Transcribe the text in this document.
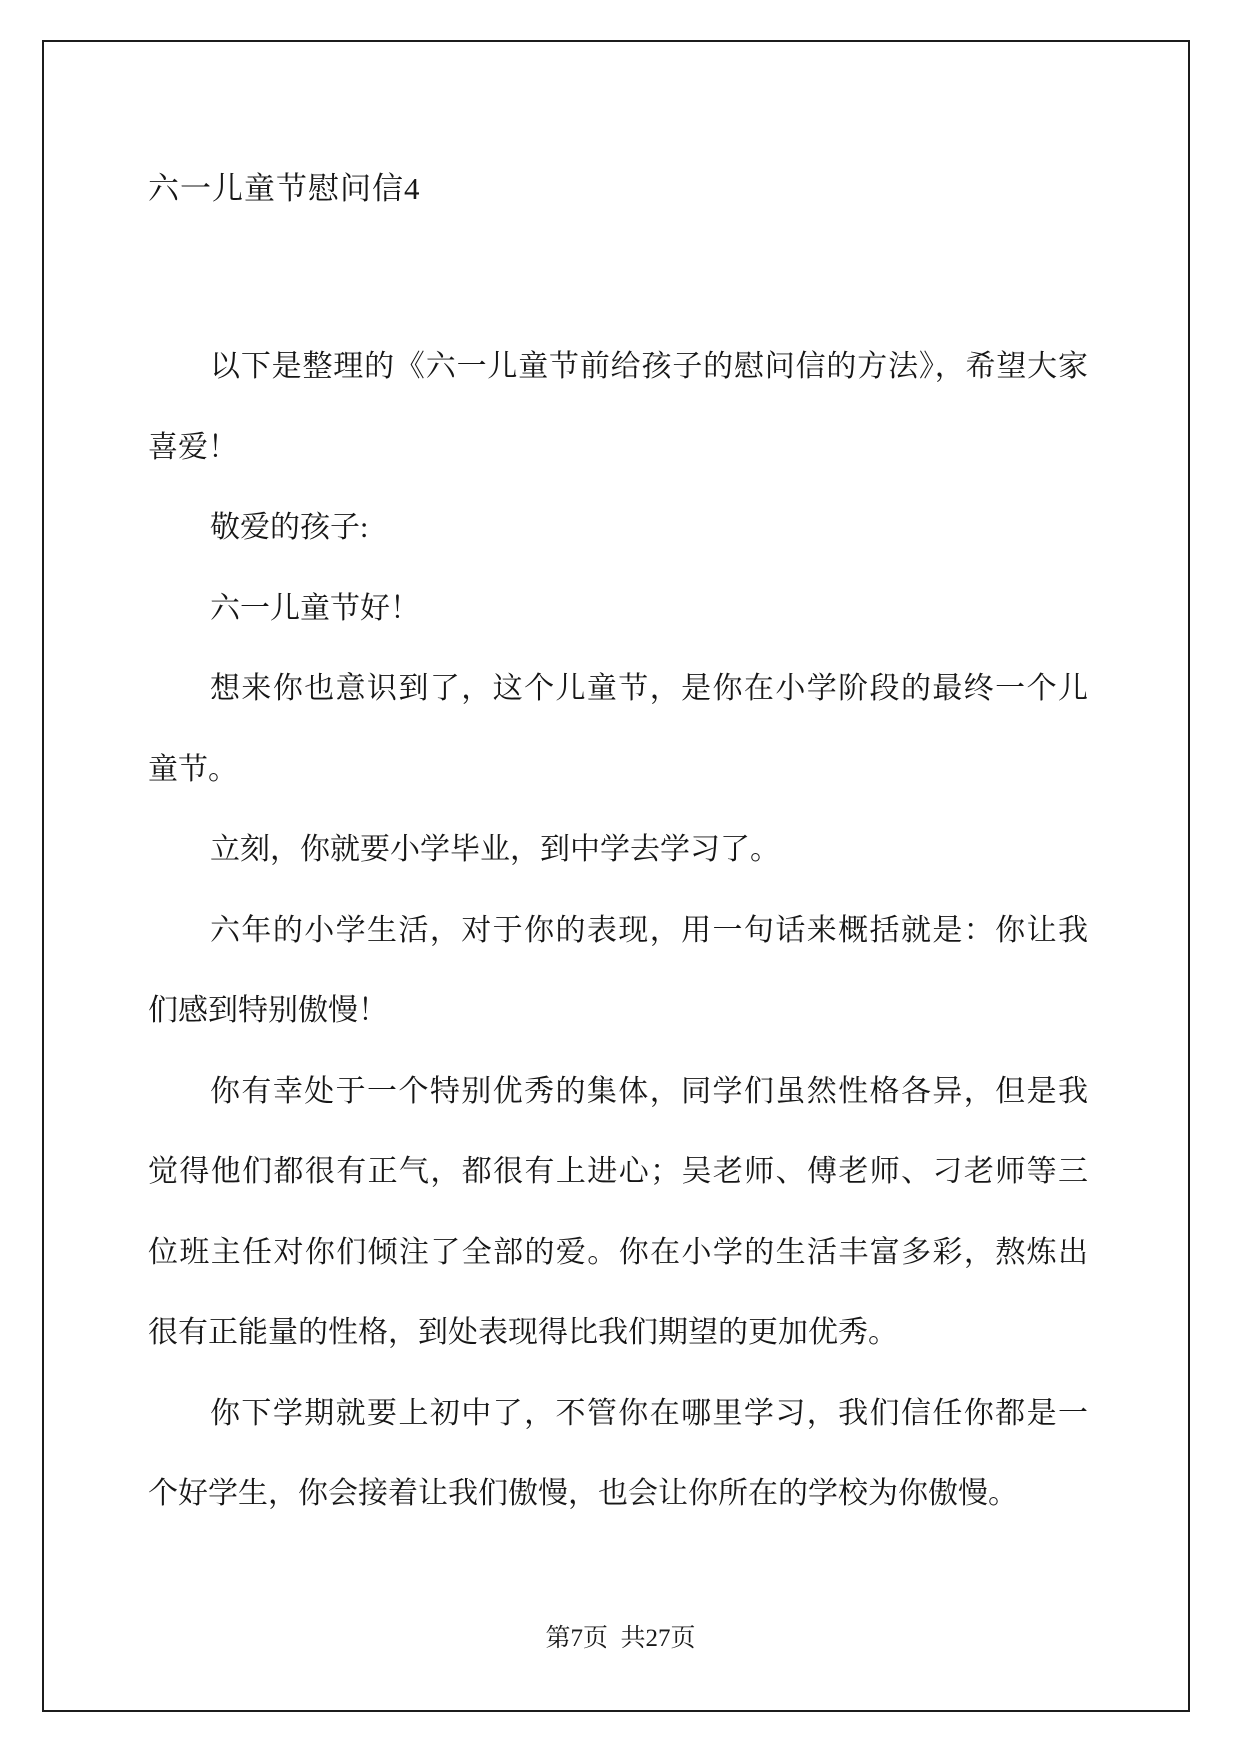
六一儿童节慰问信4
以下是整理的《六一儿童节前给孩子的慰问信的方法》，希望大家
喜爱！
敬爱的孩子:
六一儿童节好！
想来你也意识到了，这个儿童节，是你在小学阶段的最终一个儿
童节。
立刻，你就要小学毕业，到中学去学习了。
六年的小学生活，对于你的表现，用一句话来概括就是：你让我
们感到特别傲慢！
你有幸处于一个特别优秀的集体，同学们虽然性格各异，但是我
觉得他们都很有正气，都很有上进心；吴老师、傅老师、刁老师等三
位班主任对你们倾注了全部的爱。你在小学的生活丰富多彩，熬炼出
很有正能量的性格，到处表现得比我们期望的更加优秀。
你下学期就要上初中了，不管你在哪里学习，我们信任你都是一
个好学生，你会接着让我们傲慢，也会让你所在的学校为你傲慢。
第7页  共27页
